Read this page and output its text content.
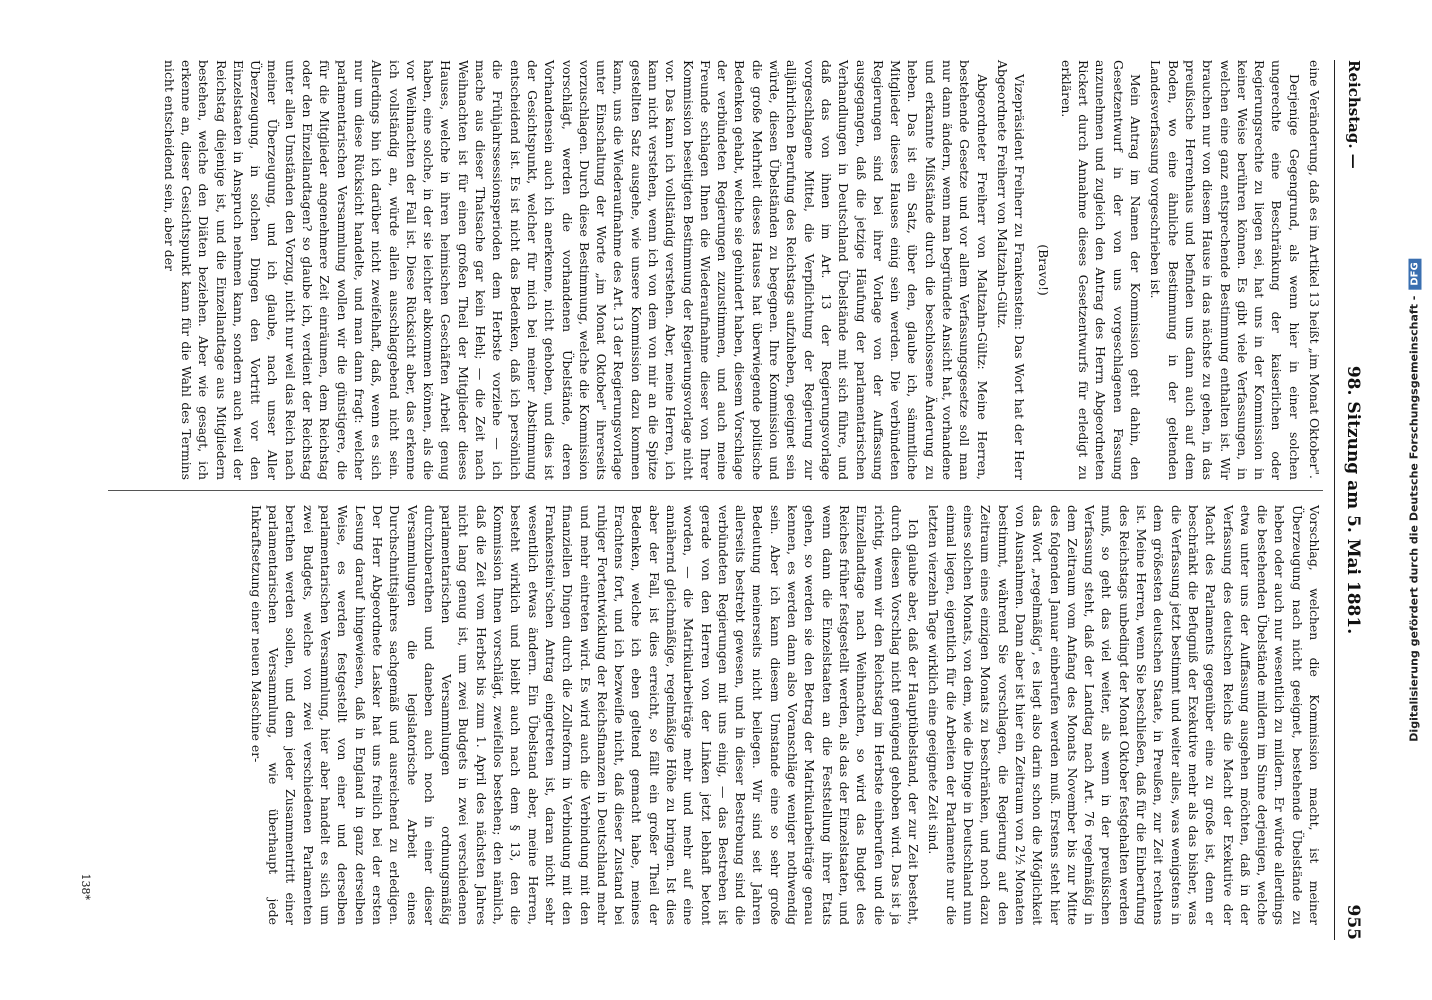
Reichstag. —
98. Sitzung am 5. Mai 1881.
955

eine Veränderung, daß es im Artikel 13 heißt „im Monat Oktober".

Derjenige Gegengrund, als wenn hier in einer solchen ungerechte eine Beschränkung der kaiserlichen oder Regierungsrechte zu liegen sei, hat uns in der Kommission in keiner Weise berühren können. Es gibt viele Verfassungen, in welchen eine ganz entsprechende Bestimmung enthalten ist. Wir brauchen nur von diesem Hause in das nächste zu gehen, in das preußische Herrenhaus und befinden uns dann auch auf dem Boden, wo eine ähnliche Bestimmung in der geltenden Landesverfassung vorgeschrieben ist.

Mein Antrag im Namen der Kommission geht dahin, den Gesetzentwurf in der von uns vorgeschlagenen Fassung anzunehmen und zugleich den Antrag des Herrn Abgeordneten Rickert durch Annahme dieses Gesetzentwurfs für erledigt zu erklären.

(Bravo!)

Vizepräsident Freiherr zu Frankenstein: Das Wort hat der Herr Abgeordnete Freiherr von Maltzahn-Gültz.

Abgeordneter Freiherr von Maltzahn-Gültz: Meine Herren, bestehende Gesetze und vor allem Verfassungsgesetze soll man nur dann ändern, wenn man begründete Ansicht hat, vorhandene und erkannte Mißstände durch die beschlossene Änderung zu heben. Das ist ein Satz, über den, glaube ich, sämmtliche Mitglieder dieses Hauses einig sein werden. Die verbündeten Regierungen sind bei ihrer Vorlage von der Auffassung ausgegangen, daß die jetzige Häufung der parlamentarischen Verhandlungen in Deutschland Übelstände mit sich führe, und daß das von ihnen im Art. 13 der Regierungsvorlage vorgeschlagene Mittel, die Verpflichtung der Regierung zur alljährlichen Berufung des Reichstags aufzuheben, geeignet sein würde, diesen Übelständen zu begegnen. Ihre Kommission und die große Mehrheit dieses Hauses hat überwiegende politische Bedenken gehabt, welche sie gehindert haben, diesem Vorschlage der verbündeten Regierungen zuzustimmen, und auch meine Freunde schlagen Ihnen die Wiederaufnahme dieser von Ihrer Kommission beseitigten Bestimmung der Regierungsvorlage nicht vor. Das kann ich vollständig verstehen. Aber, meine Herren, ich kann nicht verstehen, wenn ich von dem von mir an die Spitze gestellten Satz ausgehe, wie unsere Kommission dazu kommen kann, uns die Wiederaufnahme des Art. 13 der Regierungsvorlage unter Einschaltung der Worte „im Monat Oktober" ihrerseits vorzuschlagen. Durch diese Bestimmung, welche die Kommission vorschlägt, werden die vorhandenen Übelstände, deren Vorhandensein auch ich anerkenne, nicht gehoben, und dies ist der Gesichtspunkt, welcher für mich bei meiner Abstimmung entscheidend ist. Es ist nicht das Bedenken, daß ich persönlich die Frühjahrssessionsperioden dem Herbste vorziehe — ich mache aus dieser Thatsache gar kein Hehl; — die Zeit nach Weihnachten ist für einen großen Theil der Mitglieder dieses Hauses, welche in ihren heimischen Geschäften Arbeit genug haben, eine solche, in der sie leichter abkommen können, als die vor Weihnachten der Fall ist. Diese Rücksicht aber, das erkenne ich vollständig an, würde allein ausschlaggebend nicht sein. Allerdings bin ich darüber nicht zweifelhaft, daß, wenn es sich nur um diese Rücksicht handelte, und man dann fragt: welcher parlamentarischen Versammlung wollen wir die günstigere, die für die Mitglieder angenehmere Zeit einräumen, dem Reichstag oder den Einzellandtagen? so glaube ich, verdient der Reichstag unter allen Umständen den Vorzug, nicht nur weil das Reich nach meiner Überzeugung, und ich glaube, nach unser Aller Überzeugung, in solchen Dingen den Vortritt vor den Einzelstaaten in Anspruch nehmen kann, sondern auch weil der Reichstag diejenige ist, und die Einzellandtage aus Mitgliedern bestehen, welche den Diäten beziehen. Aber wie gesagt, ich erkenne an, dieser Gesichtspunkt kann für die Wahl des Termins nicht entscheidend sein, aber der

Vorschlag, welchen die Kommission macht, ist meiner Überzeugung nach nicht geeignet, bestehende Übelstände zu heben oder auch nur wesentlich zu mildern. Er würde allerdings die bestehenden Übelstände mildern im Sinne derjenigen, welche etwa unter uns der Auffassung ausgehen möchten, daß in der Verfassung des deutschen Reichs die Macht der Exekutive der Macht des Parlaments gegenüber eine zu große ist, denn er beschränkt die Befugniß der Exekutive mehr als das bisher, was die Verfassung jetzt bestimmt und weiter alles, was wenigstens in dem größesten deutschen Staate, in Preußen, zur Zeit rechtens ist. Meine Herren, wenn Sie beschließen, daß für die Einberufung des Reichstags unbedingt der Monat Oktober festgehalten werden muß, so geht das viel weiter, als wenn in der preußischen Verfassung steht, daß der Landtag nach Art. 76 regelmäßig in dem Zeitraum vom Anfang des Monats November bis zur Mitte des folgenden Januar einberufen werden muß. Erstens steht hier das Wort „regelmäßig", es liegt also darin schon die Möglichkeit von Ausnahmen. Dann aber ist hier ein Zeitraum von 2½ Monaten bestimmt, während Sie vorschlagen, die Regierung auf den Zeitraum eines einzigen Monats zu beschränken, und noch dazu eines solchen Monats, von dem, wie die Dinge in Deutschland nun einmal liegen, eigentlich für die Arbeiten der Parlamente nur die letzten vierzehn Tage wirklich eine geeignete Zeit sind.

Ich glaube aber, daß der Hauptübelstand, der zur Zeit besteht, durch diesen Vorschlag nicht genügend gehoben wird. Das ist ja richtig, wenn wir den Reichstag im Herbste einberufen und die Einzellandtage nach Weihnachten, so wird das Budget des Reiches früher festgestellt werden, als das der Einzelstaaten, und wenn dann die Einzelstaaten an die Feststellung ihrer Etats gehen, so werden sie den Betrag der Matrikularbeiträge genau kennen, es werden dann also Voranschläge weniger nothwendig sein. Aber ich kann diesem Umstande eine so sehr große Bedeutung meinerseits nicht beilegen. Wir sind seit Jahren allerseits bestrebt gewesen, und in dieser Bestrebung sind die verbündeten Regierungen mit uns einig, — das Bestreben ist gerade von den Herren von der Linken jetzt lebhaft betont worden, — die Matrikularbeiträge mehr und mehr auf eine annähernd gleichmäßige, regelmäßige Höhe zu bringen. Ist dies aber der Fall, ist dies erreicht, so fällt ein großer Theil der Bedenken, welche ich eben geltend gemacht habe, meines Erachtens fort, und ich bezweifle nicht, daß dieser Zustand bei ruhiger Fortentwicklung der Reichsfinanzen in Deutschland mehr und mehr eintreten wird. Es wird auch die Verbindung mit den finanziellen Dingen durch die Zollreform in Verbindung mit den Frankenstein'schen Antrag eingetreten ist, daran nicht sehr wesentlich etwas ändern. Ein Übelstand aber, meine Herren, besteht wirklich und bleibt auch nach dem § 13, den die Kommission Ihnen vorschlägt, zweifellos bestehen; den nämlich, daß die Zeit vom Herbst bis zum 1. April des nächsten Jahres nicht lang genug ist, um zwei Budgets in zwei verschiedenen parlamentarischen Versammlungen ordnungsmäßig durchzuberathen und daneben auch noch in einer dieser Versammlungen die legislatorische Arbeit eines Durchschnittsjahres sachgemäß und ausreichend zu erledigen. Der Herr Abgeordnete Lasker hat uns freilich bei der ersten Lesung darauf hingewiesen, daß in England in ganz derselben Weise, es werden festgestellt von einer und derselben parlamentarischen Versammlung, hier aber handelt es sich um zwei Budgets, welche von zwei verschiedenen Parlamenten berathen werden sollen, und dem jeder Zusammentritt einer parlamentarischen Versammlung, wie überhaupt jede Inkraftsetzung einer neuen Maschine er-

138*
Digitalisierung gefördert durch die Deutsche Forschungsgemeinschaft -DFG
